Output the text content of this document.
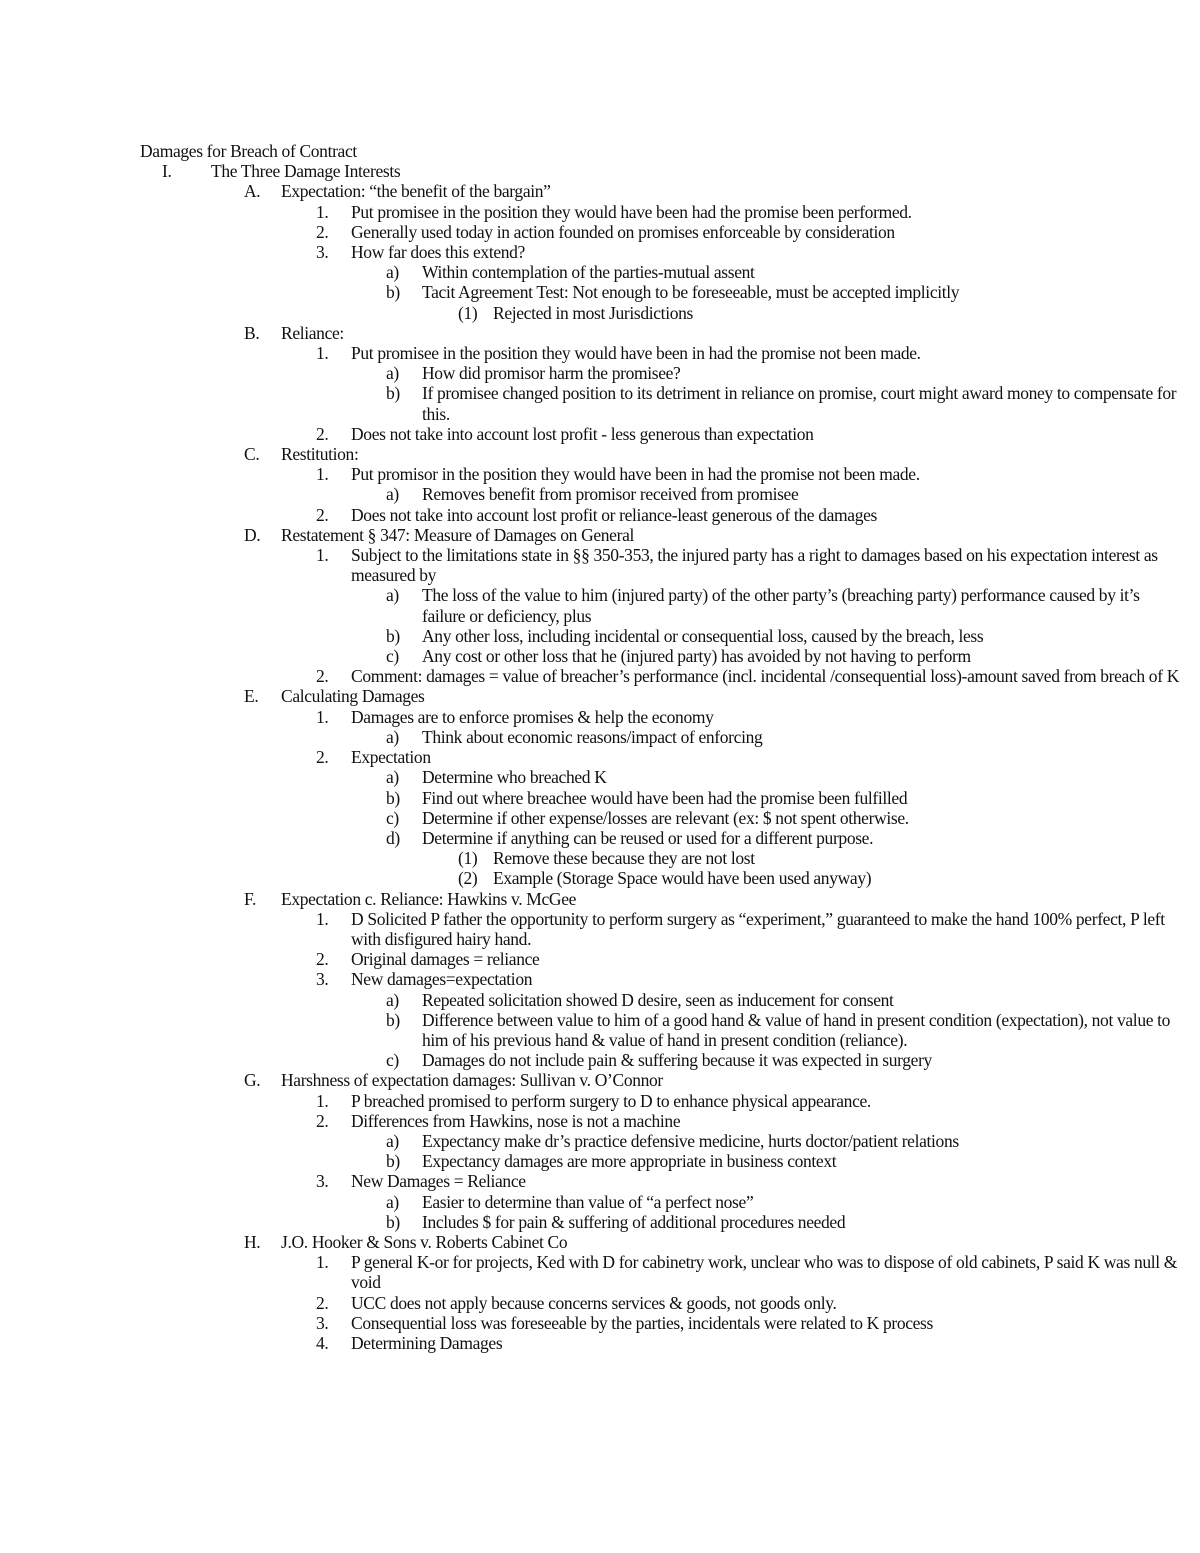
Damages for Breach of Contract
I. The Three Damage Interests
A. Expectation: “the benefit of the bargain”
1. Put promisee in the position they would have been had the promise been performed.
2. Generally used today in action founded on promises enforceable by consideration
3. How far does this extend?
a) Within contemplation of the parties-mutual assent
b) Tacit Agreement Test: Not enough to be foreseeable, must be accepted implicitly
(1) Rejected in most Jurisdictions
B. Reliance:
1. Put promisee in the position they would have been in had the promise not been made.
a) How did promisor harm the promisee?
b) If promisee changed position to its detriment in reliance on promise, court might award money to compensate for this.
2. Does not take into account lost profit - less generous than expectation
C. Restitution:
1. Put promisor in the position they would have been in had the promise not been made.
a) Removes benefit from promisor received from promisee
2. Does not take into account lost profit or reliance-least generous of the damages
D. Restatement § 347: Measure of Damages on General
1. Subject to the limitations state in §§ 350-353, the injured party has a right to damages based on his expectation interest as measured by
a) The loss of the value to him (injured party) of the other party’s (breaching party) performance caused by it’s failure or deficiency, plus
b) Any other loss, including incidental or consequential loss, caused by the breach, less
c) Any cost or other loss that he (injured party) has avoided by not having to perform
2. Comment: damages = value of breacher’s performance (incl. incidental /consequential loss)-amount saved from breach of K
E. Calculating Damages
1. Damages are to enforce promises & help the economy
a) Think about economic reasons/impact of enforcing
2. Expectation
a) Determine who breached K
b) Find out where breachee would have been had the promise been fulfilled
c) Determine if other expense/losses are relevant (ex: $ not spent otherwise.
d) Determine if anything can be reused or used for a different purpose.
(1) Remove these because they are not lost
(2) Example (Storage Space would have been used anyway)
F. Expectation c. Reliance: Hawkins v. McGee
1. D Solicited P father the opportunity to perform surgery as “experiment,” guaranteed to make the hand 100% perfect, P left with disfigured hairy hand.
2. Original damages = reliance
3. New damages=expectation
a) Repeated solicitation showed D desire, seen as inducement for consent
b) Difference between value to him of a good hand & value of hand in present condition (expectation), not value to him of his previous hand & value of hand in present condition (reliance).
c) Damages do not include pain & suffering because it was expected in surgery
G. Harshness of expectation damages: Sullivan v. O’Connor
1. P breached promised to perform surgery to D to enhance physical appearance.
2. Differences from Hawkins, nose is not a machine
a) Expectancy make dr’s practice defensive medicine, hurts doctor/patient relations
b) Expectancy damages are more appropriate in business context
3. New Damages = Reliance
a) Easier to determine than value of “a perfect nose”
b) Includes $ for pain & suffering of additional procedures needed
H. J.O. Hooker & Sons v. Roberts Cabinet Co
1. P general K-or for projects, Ked with D for cabinetry work, unclear who was to dispose of old cabinets, P said K was null & void
2. UCC does not apply because concerns services & goods, not goods only.
3. Consequential loss was foreseeable by the parties, incidentals were related to K process
4. Determining Damages
